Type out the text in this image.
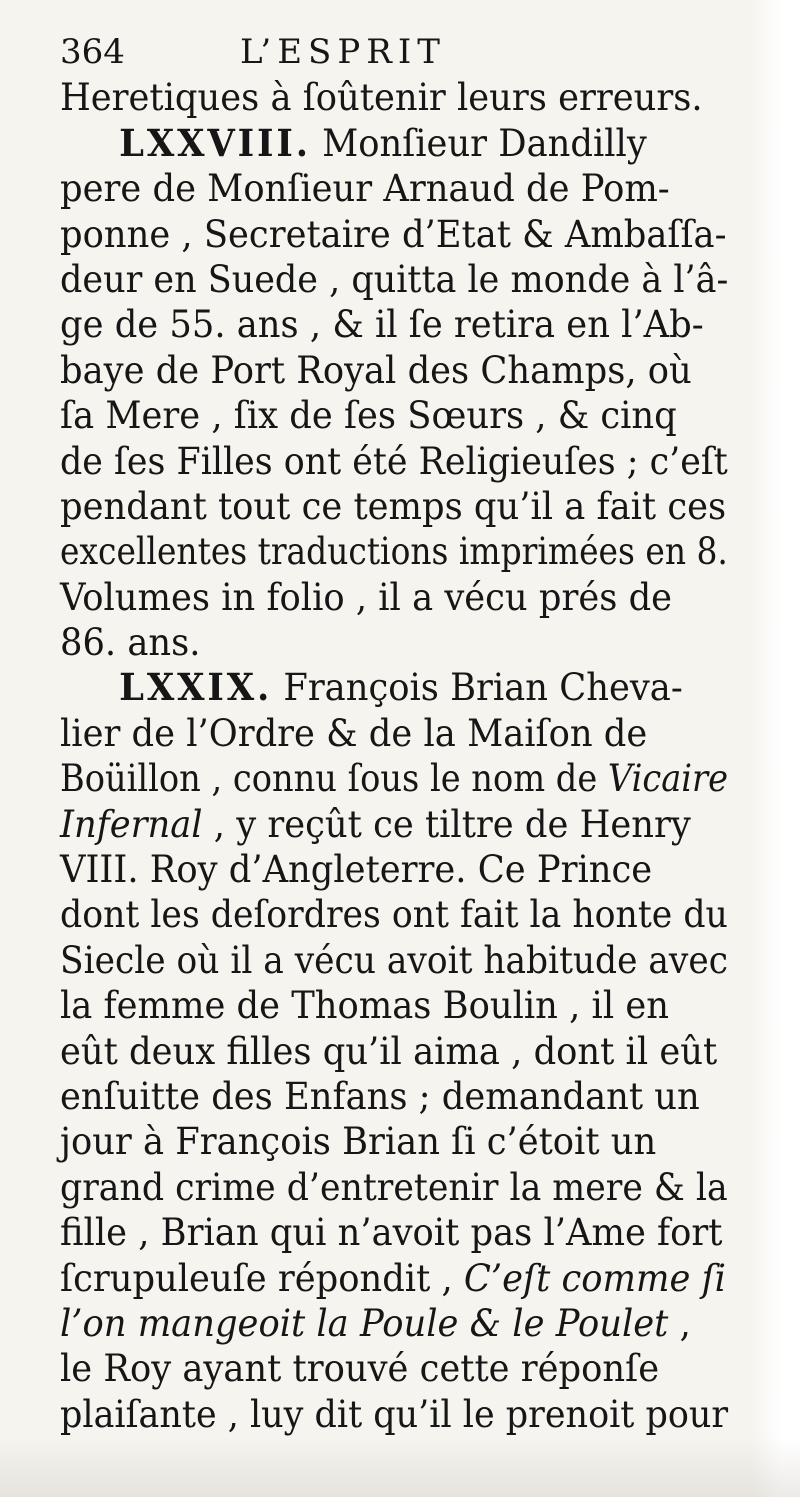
364	L’ESPRIT
Heretiques à ſoûtenir leurs erreurs.
LXXVIII. Monſieur Dandilly
pere de Monſieur Arnaud de Pom-
ponne , Secretaire d’Etat & Ambaſſa-
deur en Suede , quitta le monde à l’â-
ge de 55. ans , & il ſe retira en l’Ab-
baye de Port Royal des Champs, où
ſa Mere , ſix de ſes Sœurs , & cinq
de ſes Filles ont été Religieuſes ; c’eſt
pendant tout ce temps qu’il a fait ces
excellentes traductions imprimées en 8.
Volumes in folio , il a vécu prés de
86. ans.
LXXIX. François Brian Cheva-
lier de l’Ordre & de la Maiſon de
Boüillon , connu ſous le nom de Vicaire
Infernal , y reçût ce tiltre de Henry
VIII. Roy d’Angleterre. Ce Prince
dont les deſordres ont fait la honte du
Siecle où il a vécu avoit habitude avec
la femme de Thomas Boulin , il en
eût deux filles qu’il aima , dont il eût
enſuitte des Enfans ; demandant un
jour à François Brian ſi c’étoit un
grand crime d’entretenir la mere & la
fille , Brian qui n’avoit pas l’Ame fort
ſcrupuleuſe répondit , C’eſt comme ſi
l’on mangeoit la Poule & le Poulet ,
le Roy ayant trouvé cette réponſe
plaiſante , luy dit qu’il le prenoit pour
